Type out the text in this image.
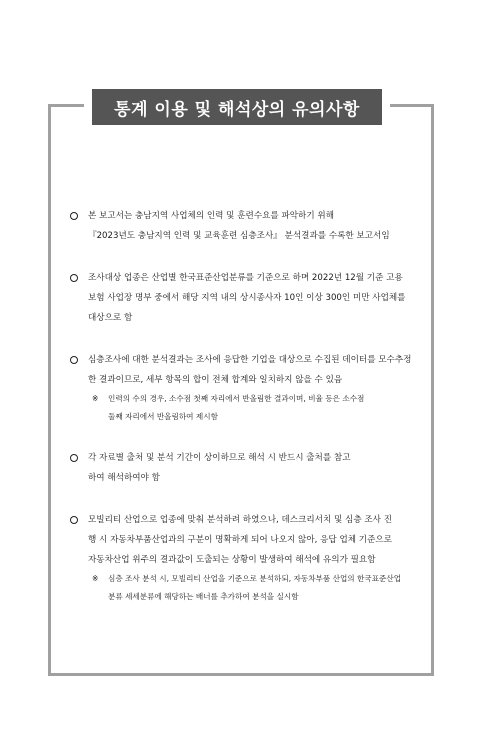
통계 이용 및 해석상의 유의사항

본 보고서는 충남지역 사업체의 인력 및 훈련수요를 파악하기 위해

『2023년도 충남지역 인력 및 교육훈련 심층조사』 분석결과를 수록한 보고서임

조사대상 업종은 산업별 한국표준산업분류를 기준으로 하며 2022년 12월 기준 고용

보험 사업장 명부 중에서 해당 지역 내의 상시종사자 10인 이상 300인 미만 사업체를

대상으로 함

심층조사에 대한 분석결과는 조사에 응답한 기업을 대상으로 수집된 데이터를 모수추정

한 결과이므로, 세부 항목의 합이 전체 합계와 일치하지 않을 수 있음

※ 인력의 수의 경우, 소수점 첫째 자리에서 반올림한 결과이며, 비율 등은 소수점

둘째 자리에서 반올림하여 제시함

각 자료별 출처 및 분석 기간이 상이하므로 해석 시 반드시 출처를 참고

하여 해석하여야 함

모빌리티 산업으로 업종에 맞춰 분석하려 하였으나, 데스크리서치 및 심층 조사 진

행 시 자동차부품산업과의 구분이 명확하게 되어 나오지 않아, 응답 업체 기준으로

자동차산업 위주의 결과값이 도출되는 상황이 발생하여 해석에 유의가 필요함

※ 심층 조사 분석 시, 모빌리티 산업을 기준으로 분석하되, 자동차부품 산업의 한국표준산업

분류 세세분류에 해당하는 배너를 추가하여 분석을 실시함
